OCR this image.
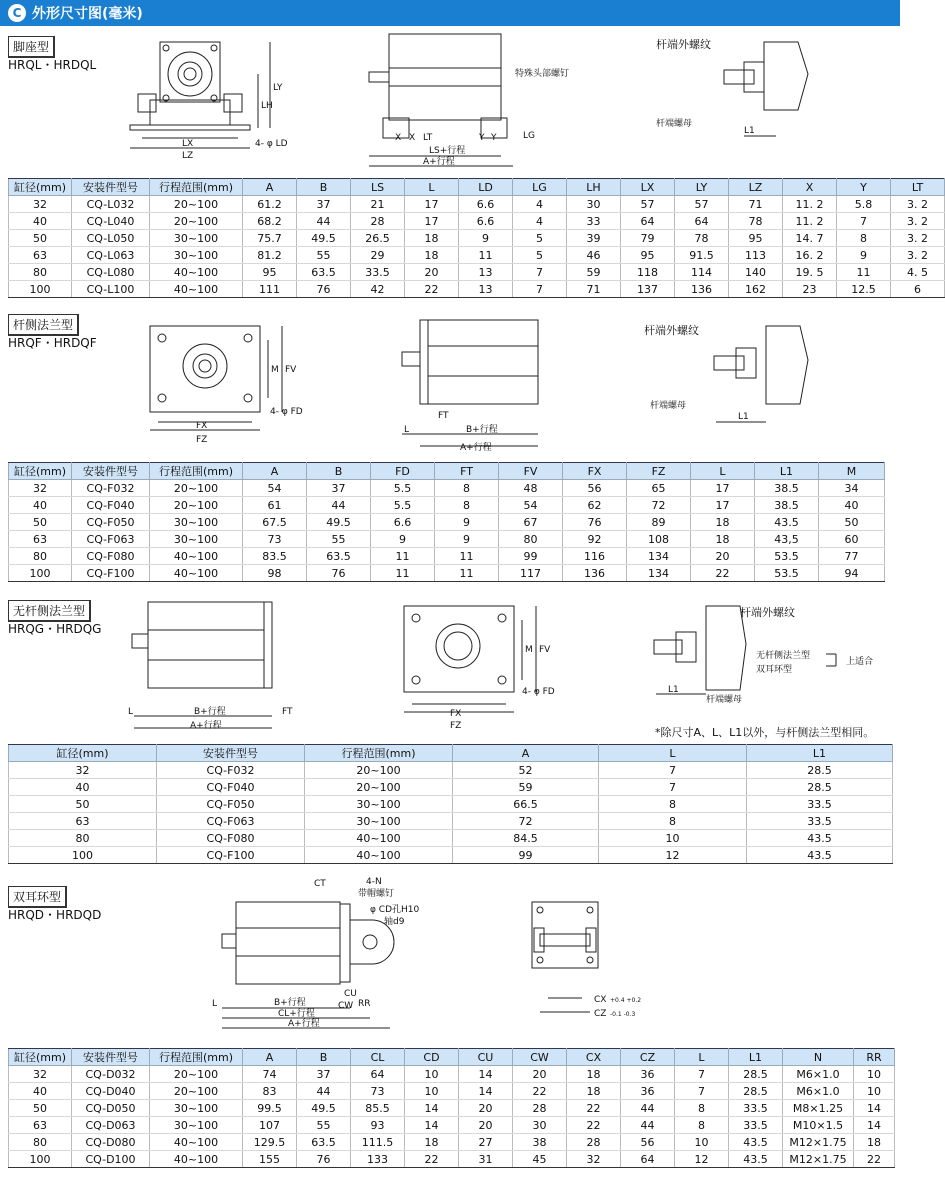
C 外形尺寸图(毫米)
脚座型
HRQL・HRDQL
LX
LZ
4- φ LD
LY
LH
X X LT	Y Y	LG
LS+行程
A+行程
特殊头部螺钉
杆端外螺纹
杆端螺母
L1
缸径(mm)	安装件型号	行程范围(mm)	A	B	LS	L	LD	LG	LH	LX	LY	LZ	X	Y	LT
32	CQ-L032	20~100	61.2	37	21	17	6.6	4	30	57	57	71	11. 2	5.8	3. 2
40	CQ-L040	20~100	68.2	44	28	17	6.6	4	33	64	64	78	11. 2	7	3. 2
50	CQ-L050	30~100	75.7	49.5	26.5	18	9	5	39	79	78	95	14. 7	8	3. 2
63	CQ-L063	30~100	81.2	55	29	18	11	5	46	95	91.5	113	16. 2	9	3. 2
80	CQ-L080	40~100	95	63.5	33.5	20	13	7	59	118	114	140	19. 5	11	4. 5
100	CQ-L100	40~100	111	76	42	22	13	7	71	137	136	162	23	12.5	6
杆侧法兰型
HRQF・HRDQF
FX
FZ
4- φ FD
M FV
FT
L	B+行程
A+行程
杆端外螺纹
杆端螺母
L1
缸径(mm)	安装件型号	行程范围(mm)	A	B	FD	FT	FV	FX	FZ	L	L1	M
32	CQ-F032	20~100	54	37	5.5	8	48	56	65	17	38.5	34
40	CQ-F040	20~100	61	44	5.5	8	54	62	72	17	38.5	40
50	CQ-F050	30~100	67.5	49.5	6.6	9	67	76	89	18	43.5	50
63	CQ-F063	30~100	73	55	9	9	80	92	108	18	43,5	60
80	CQ-F080	40~100	83.5	63.5	11	11	99	116	134	20	53.5	77
100	CQ-F100	40~100	98	76	11	11	117	136	134	22	53.5	94
无杆侧法兰型
HRQG・HRDQG
L	B+行程
A+行程
FT	FX
FZ
4- φ FD
M FV
杆端外螺纹
无杆侧法兰型
双耳环型
上适合
L1
杆端螺母
*除尺寸A、L、L1以外，与杆侧法兰型相同。
缸径(mm)	安装件型号	行程范围(mm)	A	L	L1
32	CQ-F032	20~100	52	7	28.5
40	CQ-F040	20~100	59	7	28.5
50	CQ-F050	30~100	66.5	8	33.5
63	CQ-F063	30~100	72	8	33.5
80	CQ-F080	40~100	84.5	10	43.5
100	CQ-F100	40~100	99	12	43.5
双耳环型
HRQD・HRDQD
CT	4-N
带帽螺钉
φ CD孔H10
轴d9
CU
CW RR
L	B+行程
CL+行程
A+行程
CX +0.4 +0.2
CZ -0.1 -0.3
缸径(mm)	安装件型号	行程范围(mm)	A	B	CL	CD	CU	CW	CX	CZ	L	L1	N	RR
32	CQ-D032	20~100	74	37	64	10	14	20	18	36	7	28.5	M6×1.0	10
40	CQ-D040	20~100	83	44	73	10	14	22	18	36	7	28.5	M6×1.0	10
50	CQ-D050	30~100	99.5	49.5	85.5	14	20	28	22	44	8	33.5	M8×1.25	14
63	CQ-D063	30~100	107	55	93	14	20	30	22	44	8	33.5	M10×1.5	14
80	CQ-D080	40~100	129.5	63.5	111.5	18	27	38	28	56	10	43.5	M12×1.75	18
100	CQ-D100	40~100	155	76	133	22	31	45	32	64	12	43.5	M12×1.75	22
